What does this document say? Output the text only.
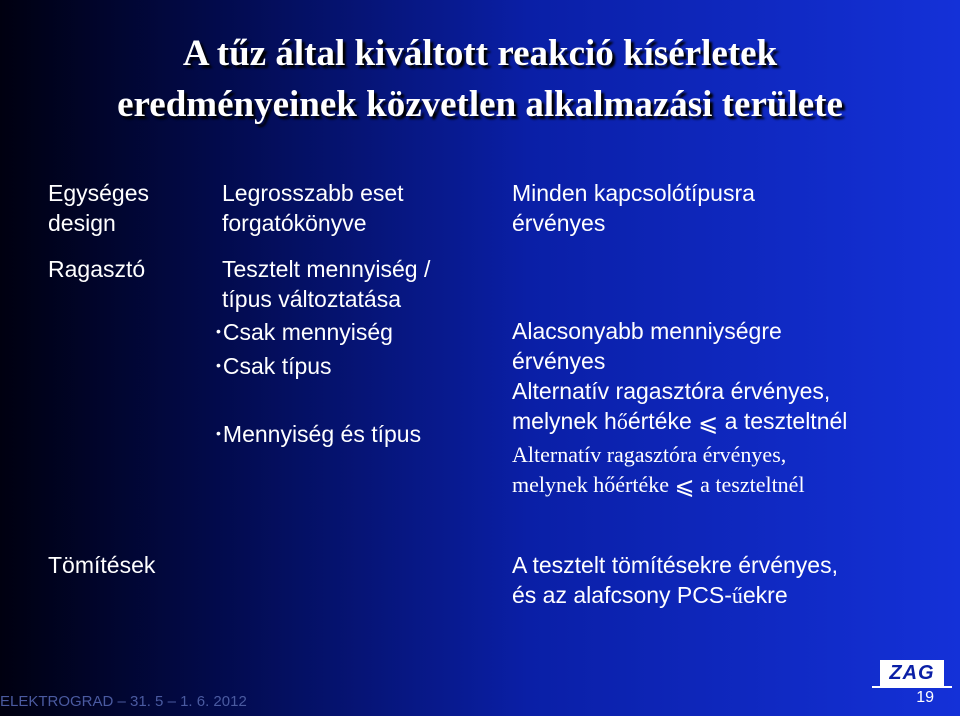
A tűz által kiváltott reakció kísérletek
eredményeinek közvetlen alkalmazási területe
Egységes
design
Legrosszabb eset
forgatókönyve
Minden kapcsolótípusra
érvényes
Ragasztó	Tesztelt mennyiség /
típus változtatása
• Csak mennyiség
• Csak típus
• Mennyiség és típus
Alacsonyabb menniységre
érvényes
Alternatív ragasztóra érvényes,
melynek hőértéke ⩽ a teszteltnél
Alternatív ragasztóra érvényes,
melynek hőértéke ⩽ a teszteltnél
Tömítések	A tesztelt tömítésekre érvényes,
és az alafcsony PCS-űekre
ELEKTROGRAD – 31. 5 – 1. 6. 2012
ZAG
19
